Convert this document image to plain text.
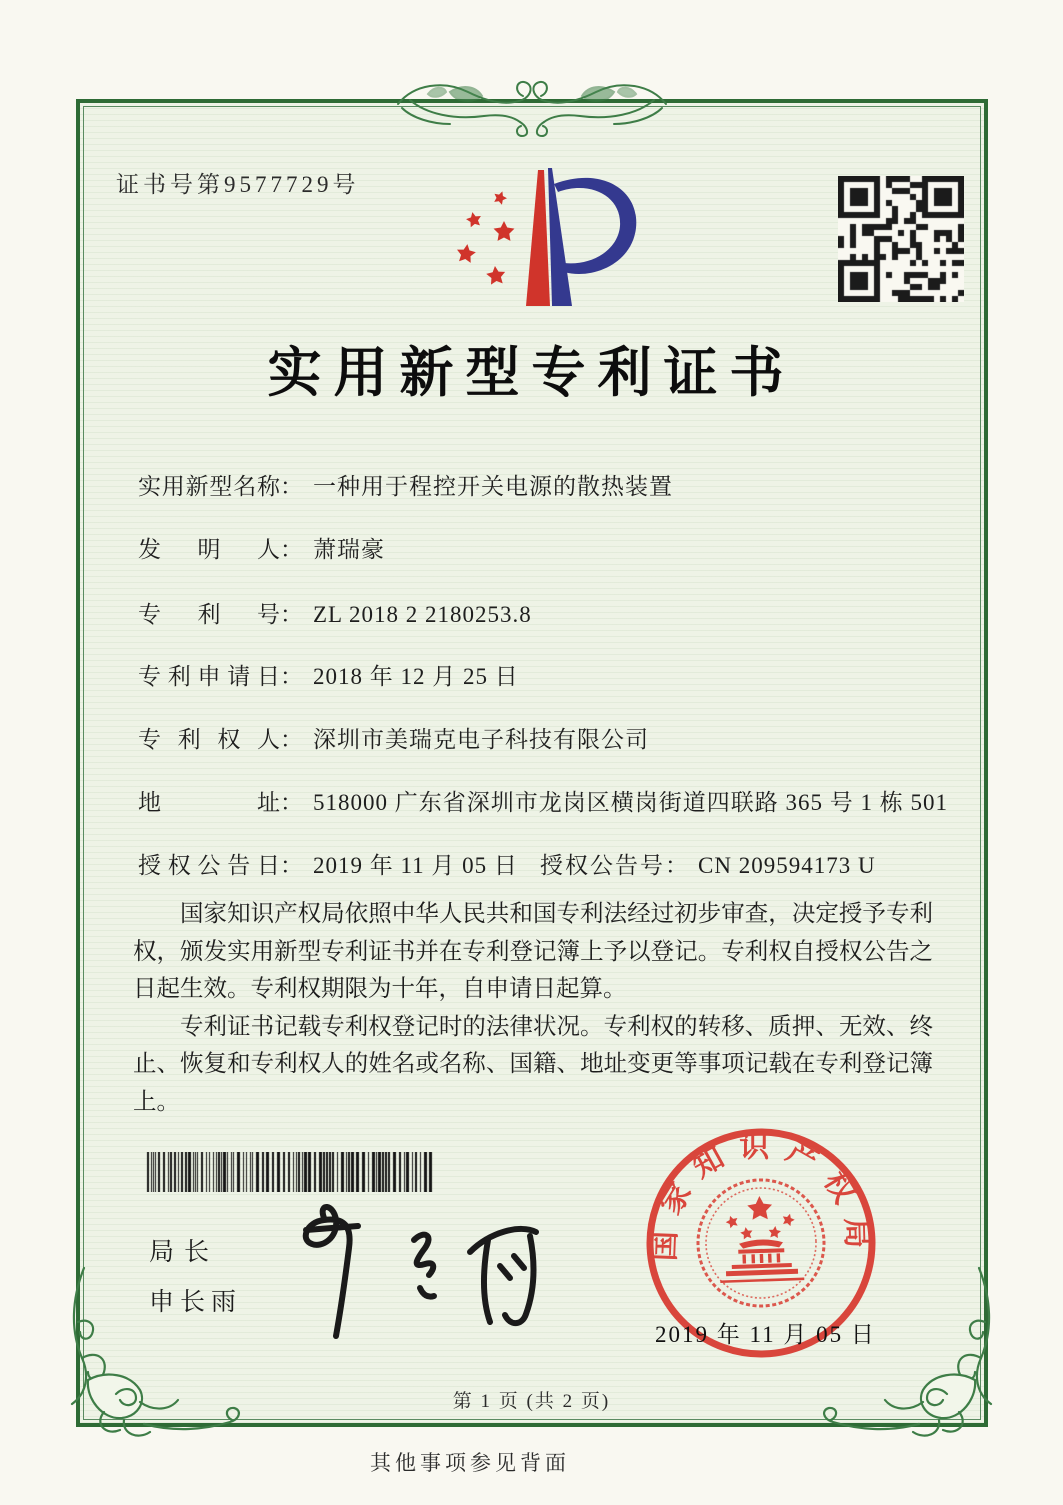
证书号第9577729号
实用新型专利证书
实用新型名称： 一种用于程控开关电源的散热装置
发明人： 萧瑞豪
专利号： ZL 2018 2 2180253.8
专利申请日： 2018 年 12 月 25 日
专利权人： 深圳市美瑞克电子科技有限公司
地址： 518000 广东省深圳市龙岗区横岗街道四联路 365 号 1 栋 501
授权公告日： 2019 年 11 月 05 日 授权公告号： CN 209594173 U

国家知识产权局依照中华人民共和国专利法经过初步审查，决定授予专利权，颁发实用新型专利证书并在专利登记簿上予以登记。专利权自授权公告之日起生效。专利权期限为十年，自申请日起算。

专利证书记载专利权登记时的法律状况。专利权的转移、质押、无效、终止、恢复和专利权人的姓名或名称、国籍、地址变更等事项记载在专利登记簿上。

局长
申长雨
国家知识产权局
2019 年 11 月 05 日
第 1 页 (共 2 页)
其他事项参见背面
